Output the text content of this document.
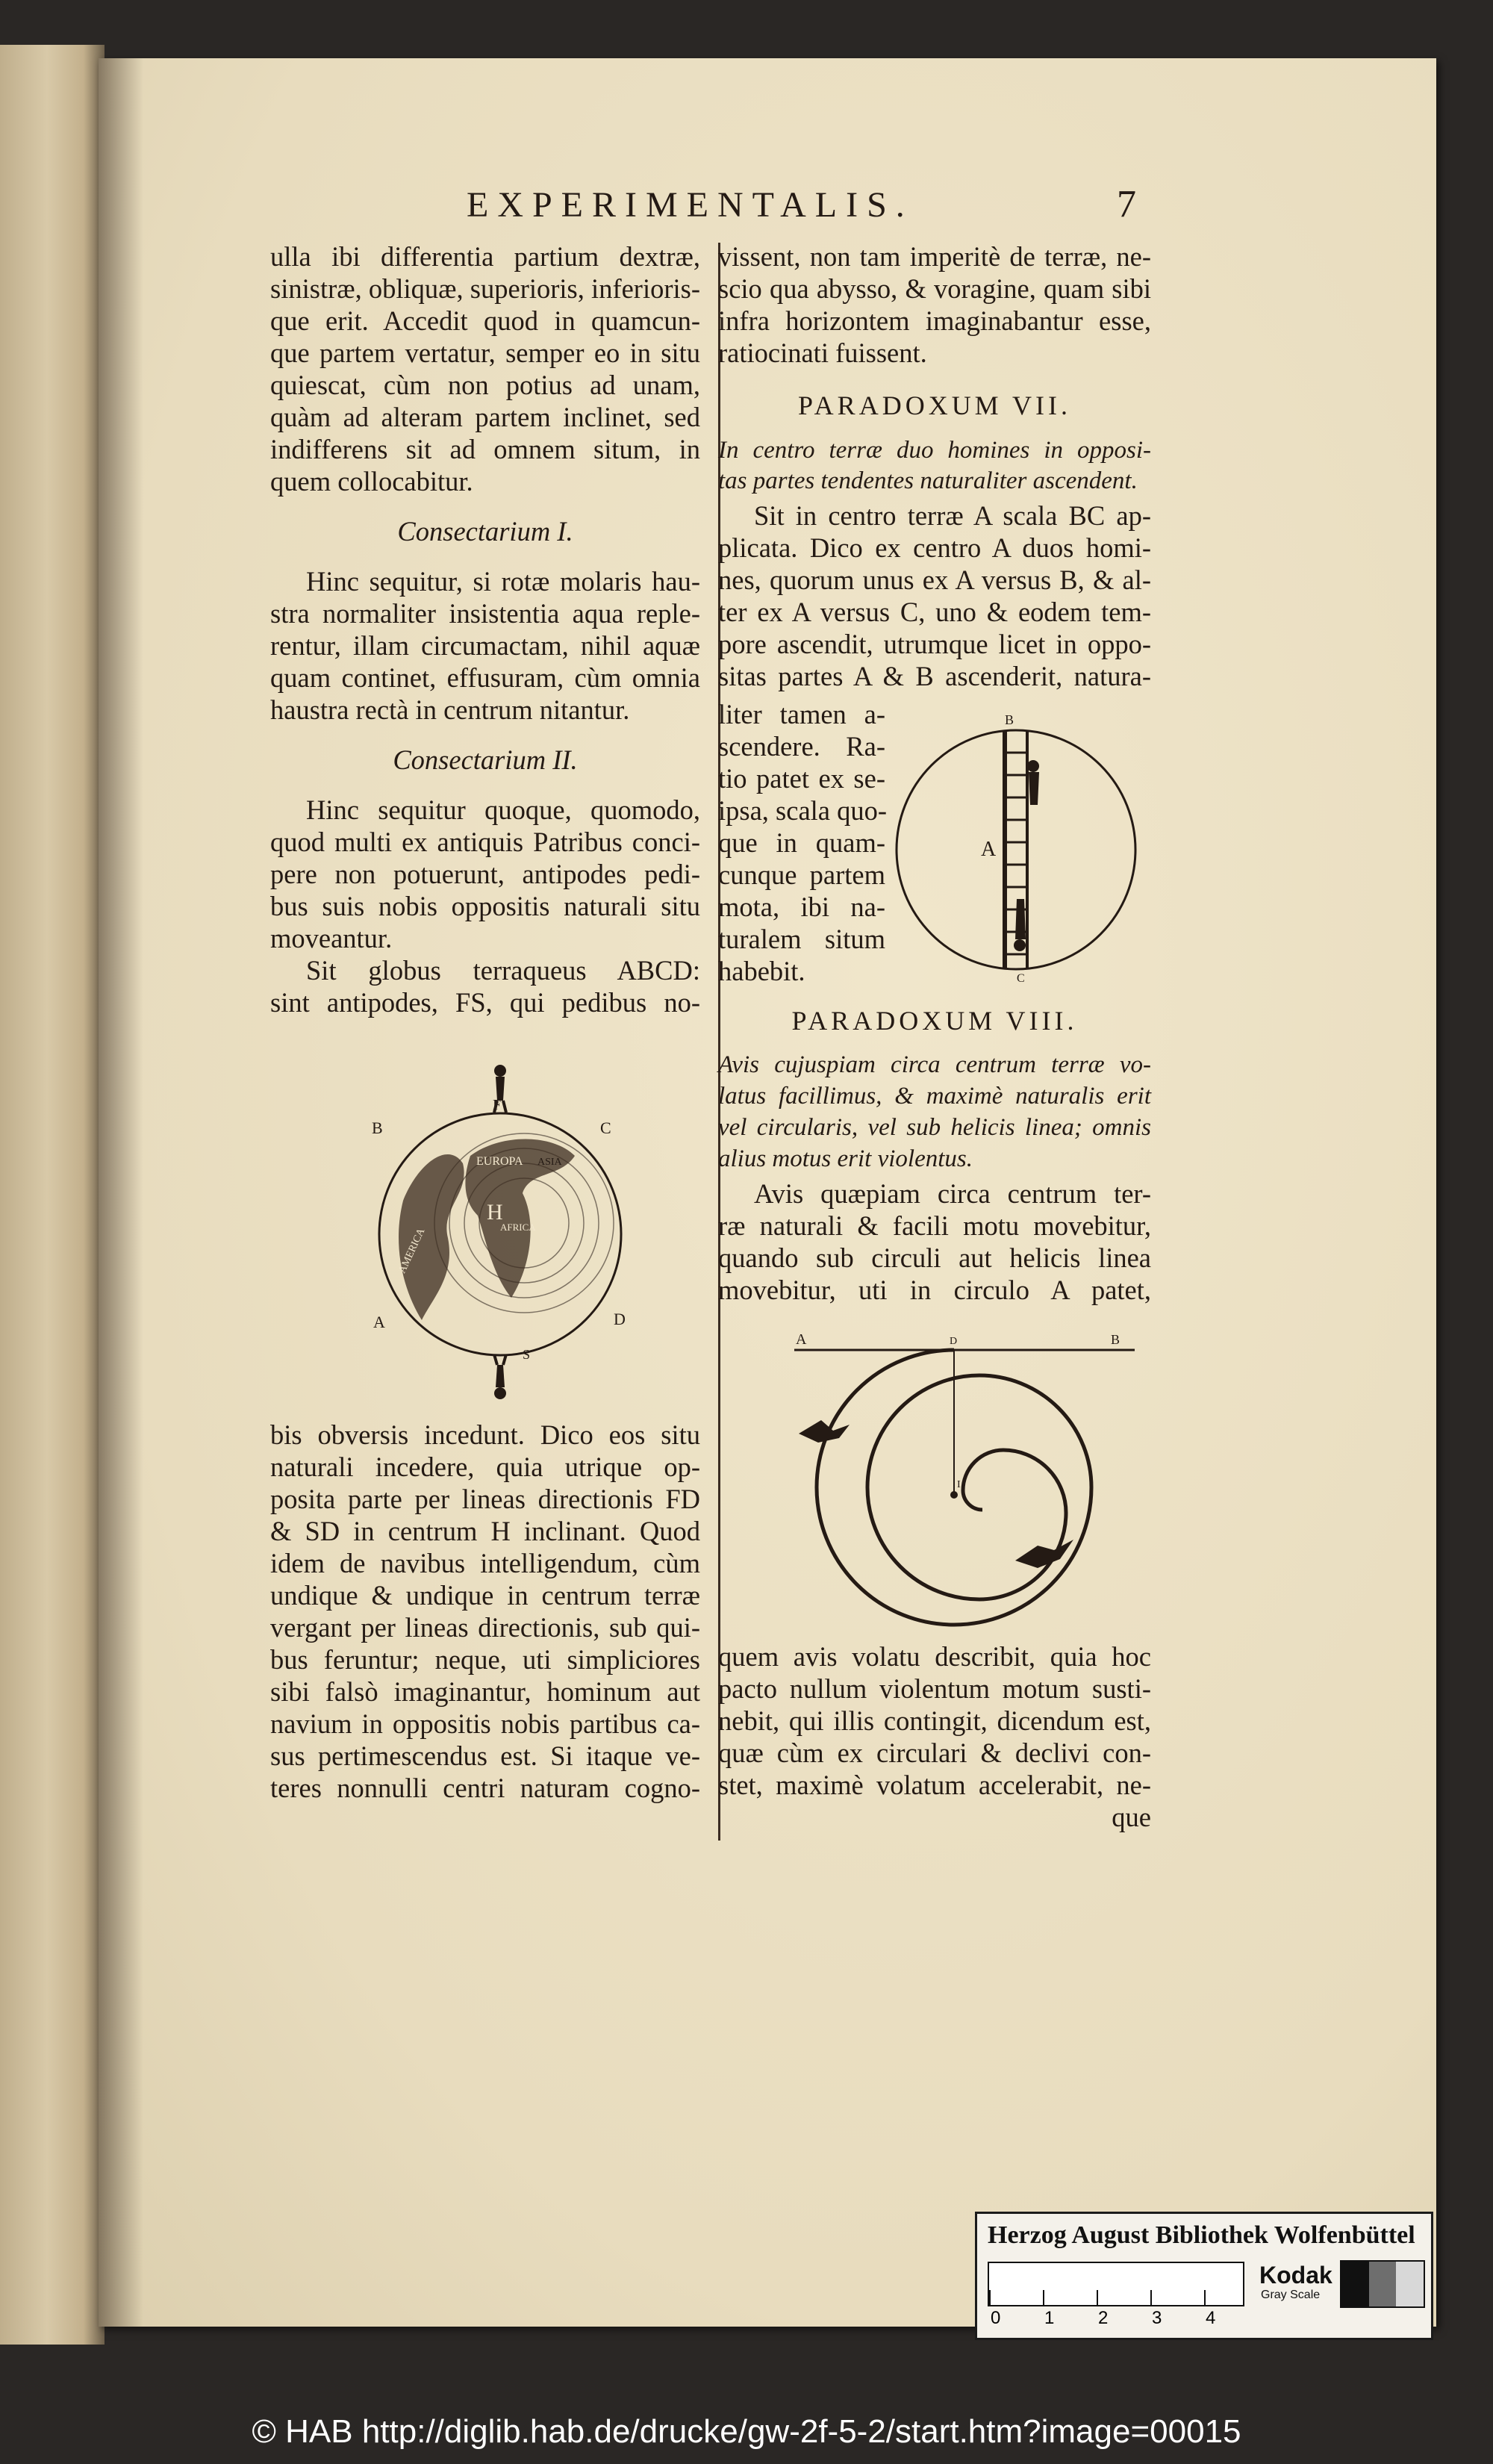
EXPERIMENTALIS.	7

ulla ibi differentia partium dextræ,
sinistræ, obliquæ, superioris, inferioris-
que erit. Accedit quod in quamcun-
que partem vertatur, semper eo in situ
quiescat, cùm non potius ad unam,
quàm ad alteram partem inclinet, sed
indifferens sit ad omnem situm, in
quem collocabitur.

Consectarium I.

Hinc sequitur, si rotæ molaris hau-
stra normaliter insistentia aqua reple-
rentur, illam circumactam, nihil aquæ
quam continet, effusuram, cùm omnia
haustra rectà in centrum nitantur.

Consectarium II.

Hinc sequitur quoque, quomodo,
quod multi ex antiquis Patribus conci-
pere non potuerunt, antipodes pedi-
bus suis nobis oppositis naturali situ
moveantur.

Sit globus terraqueus ABCD:
sint antipodes, FS, qui pedibus no-

EUROPA ASIA
AFRICA
AMERICA
H
B
F
C
A
S
D

bis obversis incedunt. Dico eos situ
naturali incedere, quia utrique op-
posita parte per lineas directionis FD
& SD in centrum H inclinant. Quod
idem de navibus intelligendum, cùm
undique & undique in centrum terræ
vergant per lineas directionis, sub qui-
bus feruntur; neque, uti simpliciores
sibi falsò imaginantur, hominum aut
navium in oppositis nobis partibus ca-
sus pertimescendus est. Si itaque ve-
teres nonnulli centri naturam cogno-

vissent, non tam imperitè de terræ, ne-
scio qua abysso, & voragine, quam sibi
infra horizontem imaginabantur esse,
ratiocinati fuissent.

PARADOXUM VII.

In centro terræ duo homines in opposi-
tas partes tendentes naturaliter ascendent.

Sit in centro terræ A scala BC ap-
plicata. Dico ex centro A duos homi-
nes, quorum unus ex A versus B, & al-
ter ex A versus C, uno & eodem tem-
pore ascendit, utrumque licet in oppo-
sitas partes A & B ascenderit, natura-

liter tamen a-
scendere. Ra-
tio patet ex se-
ipsa, scala quo-
que in quam-
cunque partem
mota, ibi na-
turalem situm
habebit.
B
A
C

PARADOXUM VIII.

Avis cujuspiam circa centrum terræ vo-
latus facillimus, & maximè naturalis erit
vel circularis, vel sub helicis linea; omnis
alius motus erit violentus.

Avis quæpiam circa centrum ter-
ræ naturali & facili motu movebitur,
quando sub circuli aut helicis linea
movebitur, uti in circulo A patet,

A	D	B
I

quem avis volatu describit, quia hoc
pacto nullum violentum motum susti-
nebit, qui illis contingit, dicendum est,
quæ cùm ex circulari & declivi con-
stet, maximè volatum accelerabit, ne-

que

Herzog August Bibliothek Wolfenbüttel
0 1 2 3 4
Kodak
Gray Scale
© HAB http://diglib.hab.de/drucke/gw-2f-5-2/start.htm?image=00015
